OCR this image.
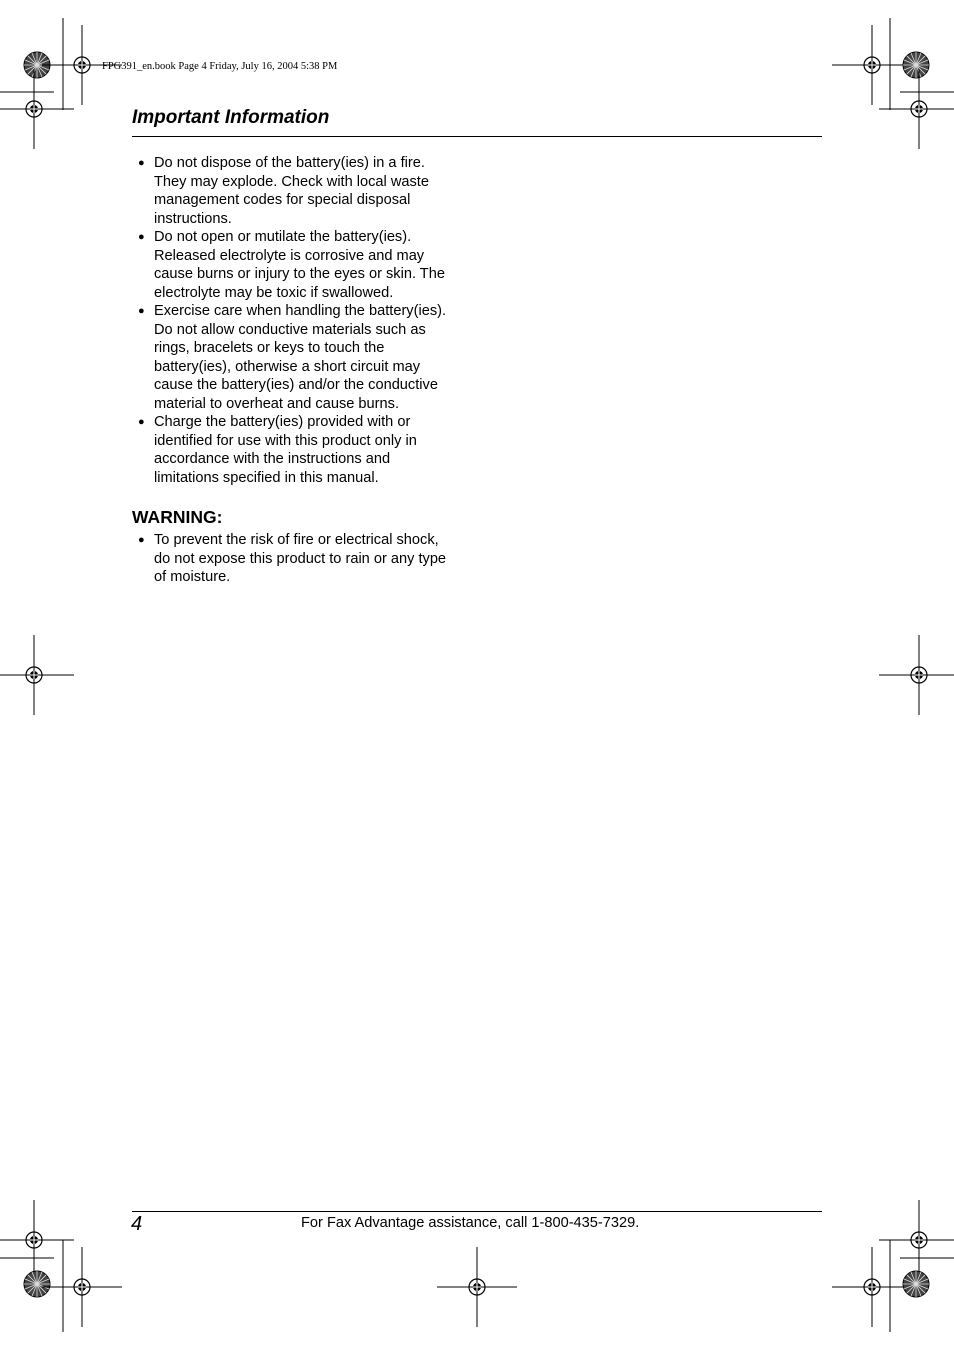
FPG391_en.book Page 4 Friday, July 16, 2004 5:38 PM
Important Information
● Do not dispose of the battery(ies) in a fire. They may explode. Check with local waste management codes for special disposal instructions.
● Do not open or mutilate the battery(ies). Released electrolyte is corrosive and may cause burns or injury to the eyes or skin. The electrolyte may be toxic if swallowed.
● Exercise care when handling the battery(ies). Do not allow conductive materials such as rings, bracelets or keys to touch the battery(ies), otherwise a short circuit may cause the battery(ies) and/or the conductive material to overheat and cause burns.
● Charge the battery(ies) provided with or identified for use with this product only in accordance with the instructions and limitations specified in this manual.
WARNING:
● To prevent the risk of fire or electrical shock, do not expose this product to rain or any type of moisture.
4	For Fax Advantage assistance, call 1-800-435-7329.
